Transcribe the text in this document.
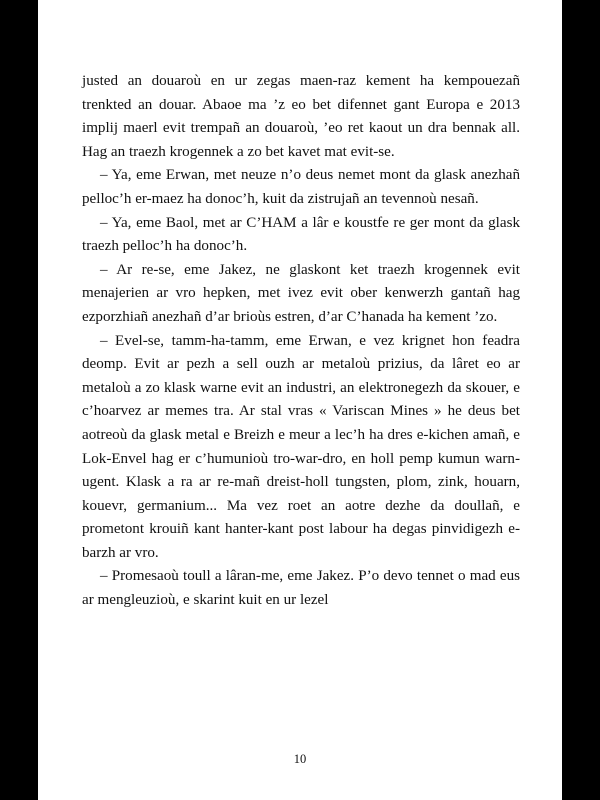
justed an douaroù en ur zegas maen-raz kement ha kempouezañ trenkted an douar. Abaoe ma ’z eo bet difennet gant Europa e 2013 implij maerl evit trempañ an douaroù, ’eo ret kaout un dra bennak all. Hag an traezh krogennek a zo bet kavet mat evit-se.

– Ya, eme Erwan, met neuze n’o deus nemet mont da glask anezhañ pelloc’h er-maez ha donoc’h, kuit da zistrujañ an tevennoù nesañ.

– Ya, eme Baol, met ar C’HAM a lâr e koustfe re ger mont da glask traezh pelloc’h ha donoc’h.

– Ar re-se, eme Jakez, ne glaskont ket traezh krogennek evit menajerien ar vro hepken, met ivez evit ober kenwerzh gantañ hag ezporzhiañ anezhañ d’ar brioùs estren, d’ar C’hanada ha kement ’zo.

– Evel-se, tamm-ha-tamm, eme Erwan, e vez krignet hon feadra deomp. Evit ar pezh a sell ouzh ar metaloù prizius, da lâret eo ar metaloù a zo klask warne evit an industri, an elektronegezh da skouer, e c’hoarvez ar memes tra. Ar stal vras « Variscan Mines » he deus bet aotreoù da glask metal e Breizh e meur a lec’h ha dres e-kichen amañ, e Lok-Envel hag er c’humunioù tro-war-dro, en holl pemp kumun warn-ugent. Klask a ra ar re-mañ dreist-holl tungsten, plom, zink, houarn, kouevr, germanium... Ma vez roet an aotre dezhe da doullañ, e prometont krouiñ kant hanter-kant post labour ha degas pinvidigezh e-barzh ar vro.

– Promesaoù toull a lâran-me, eme Jakez. P’o devo tennet o mad eus ar mengleuzioù, e skarint kuit en ur lezel

10
